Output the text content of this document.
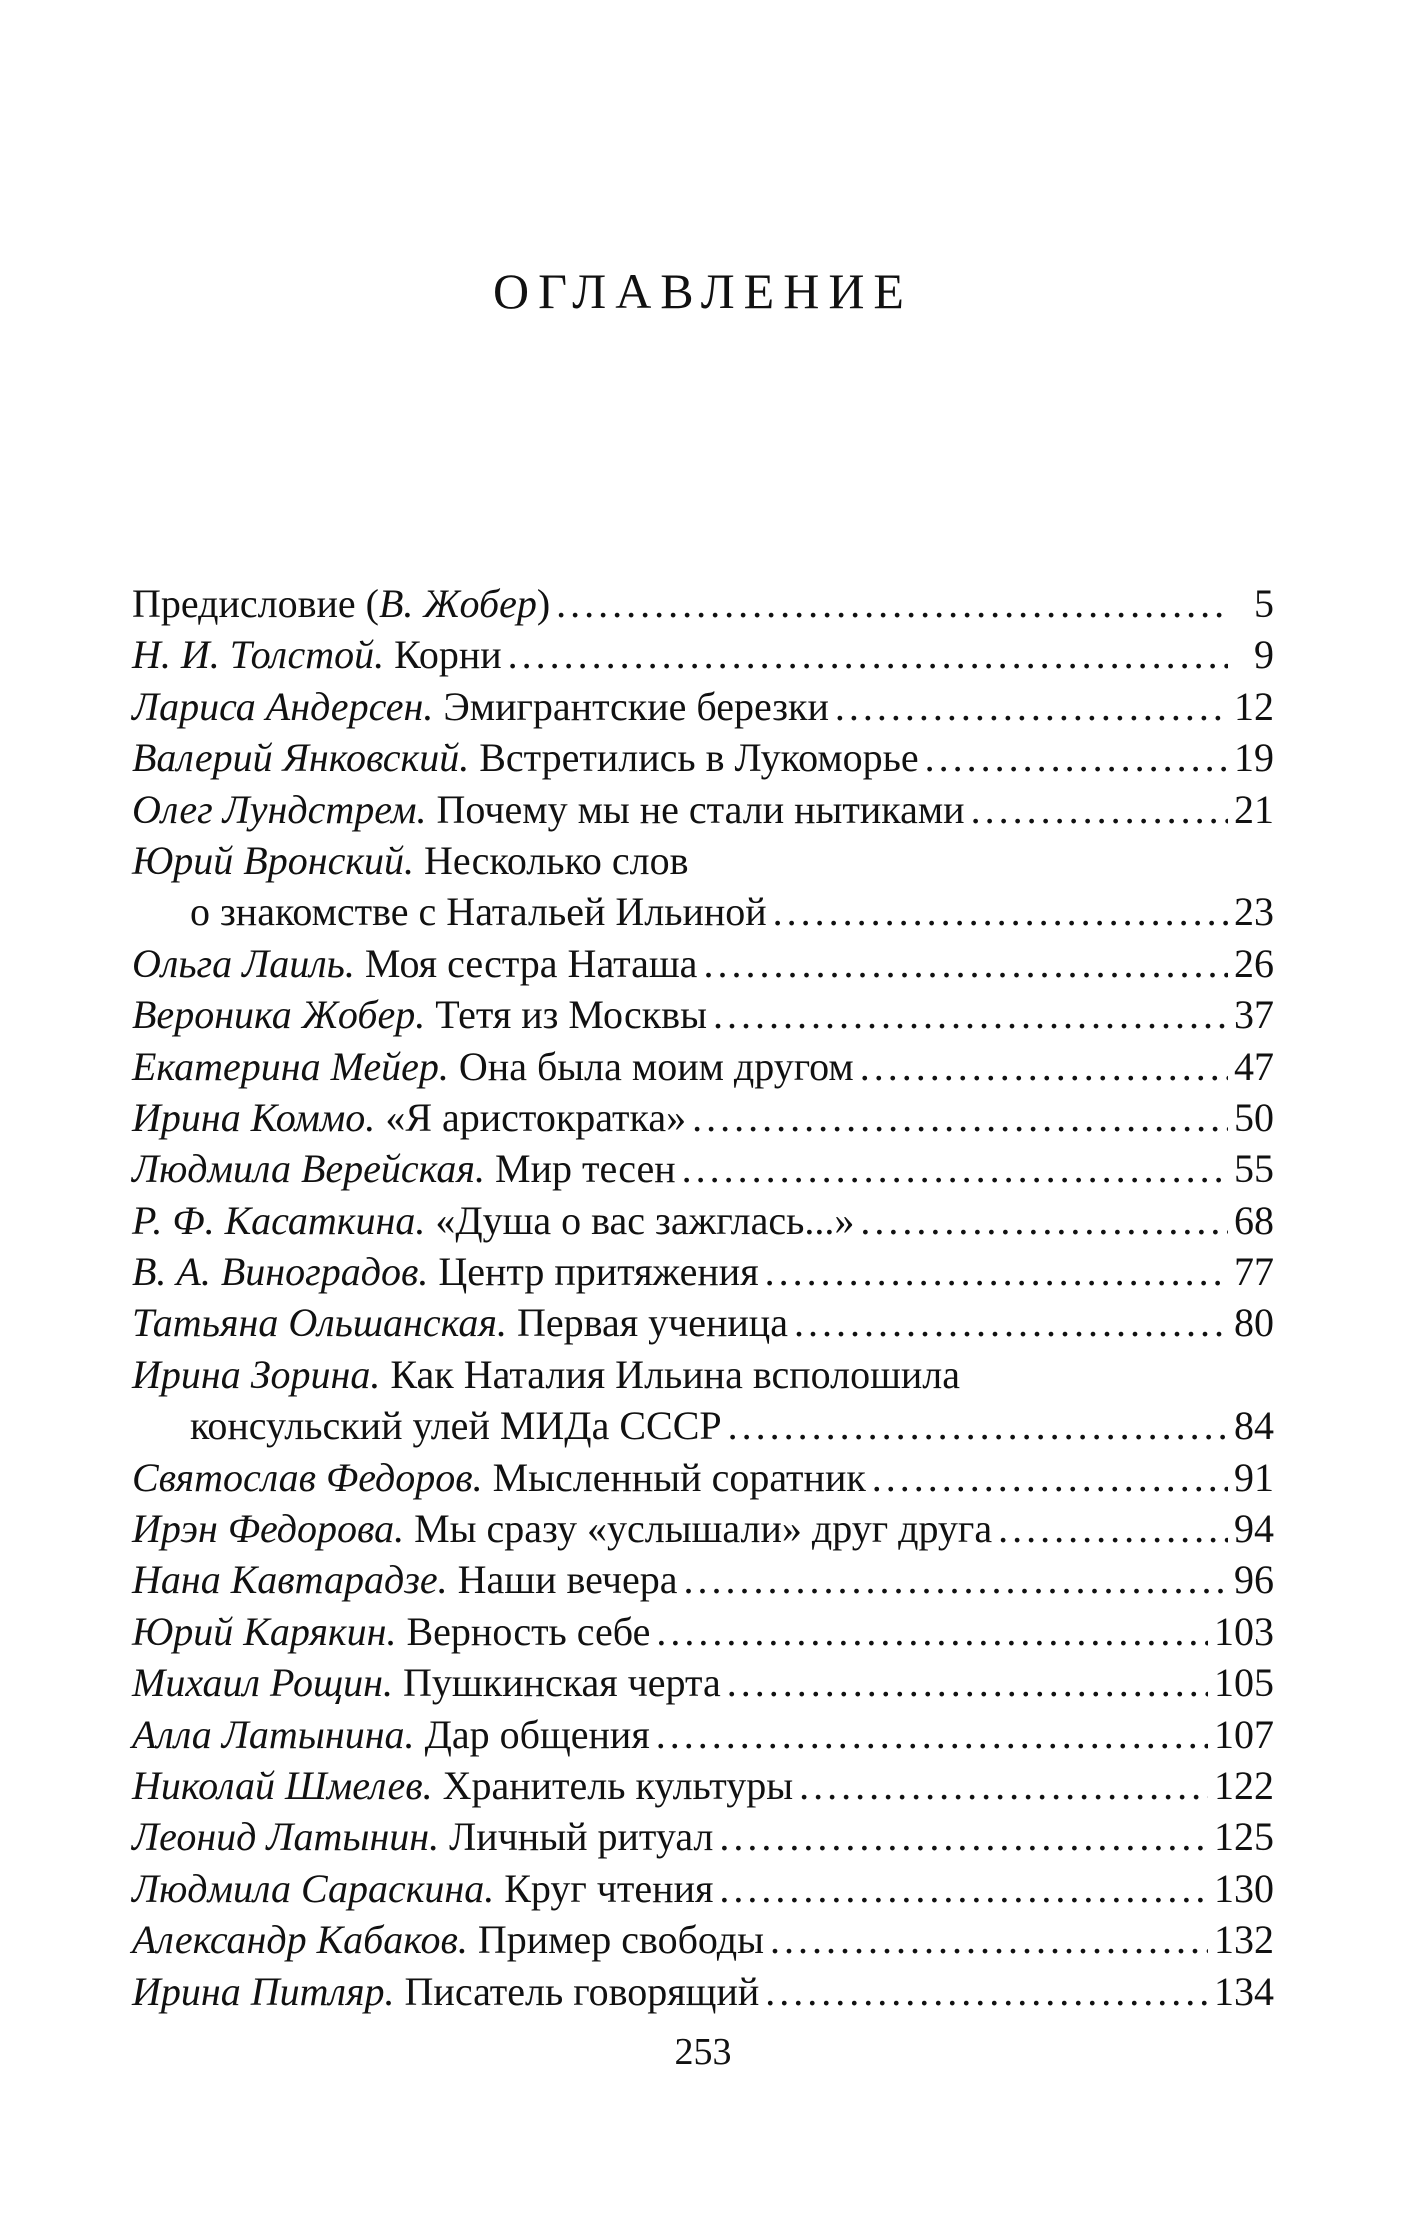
ОГЛАВЛЕНИЕ
Предисловие (В. Жобер) . . .	5
Н. И. Толстой. Корни . . .	9
Лариса Андерсен. Эмигрантские березки . . .	12
Валерий Янковский. Встретились в Лукоморье . . .	19
Олег Лундстрем. Почему мы не стали нытиками . . .	21
Юрий Вронский. Несколько слов
о знакомстве с Натальей Ильиной . . .	23
Ольга Лаиль. Моя сестра Наташа . . .	26
Вероника Жобер. Тетя из Москвы . . .	37
Екатерина Мейер. Она была моим другом . . .	47
Ирина Коммо. «Я аристократка» . . .	50
Людмила Верейская. Мир тесен . . .	55
Р. Ф. Касаткина. «Душа о вас зажглась...» . . .	68
В. А. Виноградов. Центр притяжения . . .	77
Татьяна Ольшанская. Первая ученица . . .	80
Ирина Зорина. Как Наталия Ильина всполошила
консульский улей МИДа СССР . . .	84
Святослав Федоров. Мысленный соратник . . .	91
Ирэн Федорова. Мы сразу «услышали» друг друга . . .	94
Нана Кавтарадзе. Наши вечера . . .	96
Юрий Карякин. Верность себе . . .	103
Михаил Рощин. Пушкинская черта . . .	105
Алла Латынина. Дар общения . . .	107
Николай Шмелев. Хранитель культуры . . .	122
Леонид Латынин. Личный ритуал . . .	125
Людмила Сараскина. Круг чтения . . .	130
Александр Кабаков. Пример свободы . . .	132
Ирина Питляр. Писатель говорящий . . .	134
253
